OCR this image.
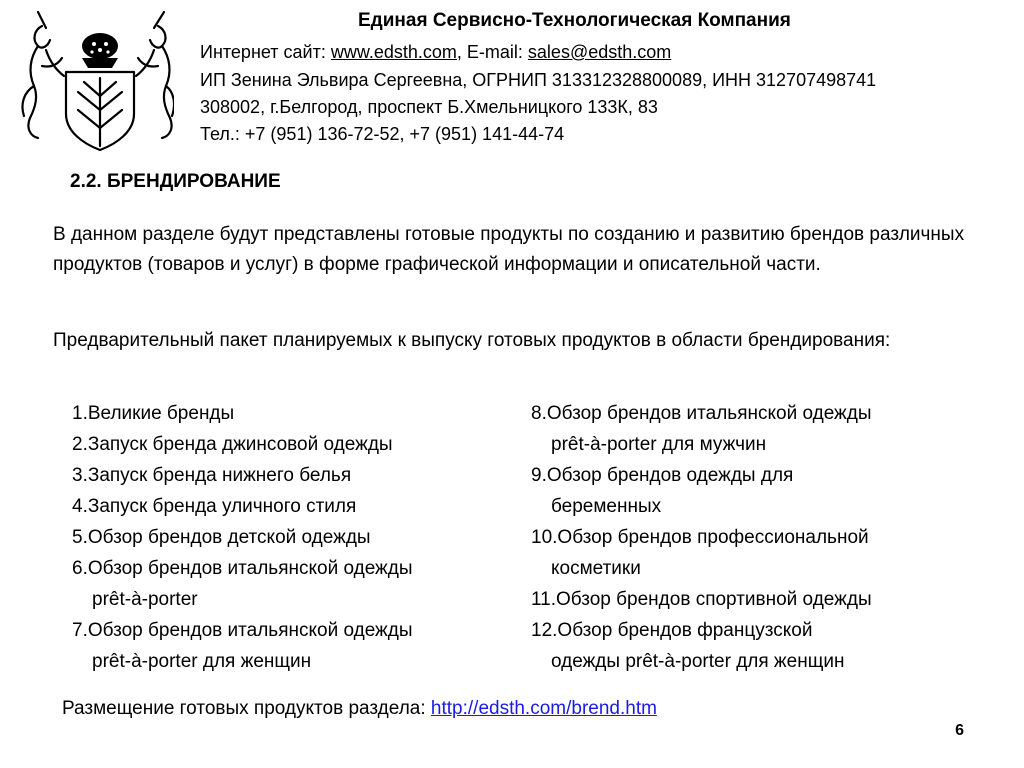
Единая Сервисно-Технологическая Компания
Интернет сайт: www.edsth.com, E-mail: sales@edsth.com
ИП Зенина Эльвира Сергеевна, ОГРНИП 313312328800089, ИНН 312707498741
308002, г.Белгород, проспект Б.Хмельницкого 133К, 83
Тел.: +7 (951) 136-72-52, +7 (951) 141-44-74
2.2. БРЕНДИРОВАНИЕ
В данном разделе будут представлены готовые продукты по созданию и развитию брендов различных продуктов (товаров и услуг) в форме графической информации и описательной части.
Предварительный пакет планируемых к выпуску готовых продуктов в области брендирования:
1.Великие бренды
2.Запуск бренда джинсовой одежды
3.Запуск бренда нижнего белья
4.Запуск бренда уличного стиля
5.Обзор брендов детской одежды
6.Обзор брендов итальянской одежды
prêt-à-porter
7.Обзор брендов итальянской одежды
prêt-à-porter для женщин
8.Обзор брендов итальянской одежды
prêt-à-porter для мужчин
9.Обзор брендов одежды для
беременных
10.Обзор брендов профессиональной
косметики
11.Обзор брендов спортивной одежды
12.Обзор брендов французской
одежды prêt-à-porter для женщин
Размещение готовых продуктов раздела: http://edsth.com/brend.htm
6
